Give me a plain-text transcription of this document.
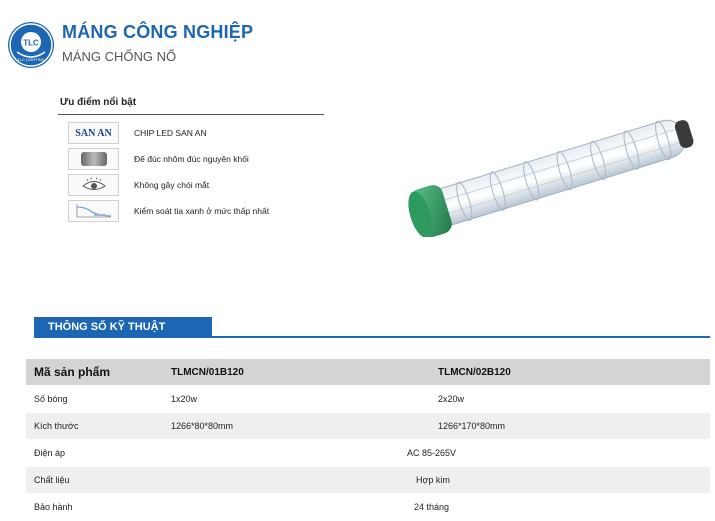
TLC
TLC LIGHTING
MÁNG CÔNG NGHIỆP
MÁNG CHỐNG NỔ
Ưu điểm nổi bật
SAN AN	CHIP LED SAN AN
Đế đúc nhôm đúc nguyên khối
Không gây chói mắt
Kiểm soát tia xanh ở mức thấp nhất
THÔNG SỐ KỸ THUẬT
Mã sản phẩm	TLMCN/01B120	TLMCN/02B120
Số bóng	1x20w	2x20w
Kích thước	1266*80*80mm	1266*170*80mm
Điện áp	AC 85-265V
Chất liệu	Hợp kim
Bảo hành	24 tháng
